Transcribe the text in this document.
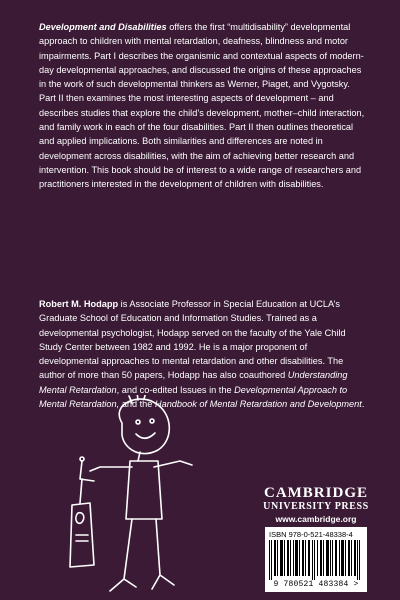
Development and Disabilities offers the first “multidisability” developmental approach to children with mental retardation, deafness, blindness and motor impairments. Part I describes the organismic and contextual aspects of modern-day developmental approaches, and discussed the origins of these approaches in the work of such developmental thinkers as Werner, Piaget, and Vygotsky. Part II then examines the most interesting aspects of development – and describes studies that explore the child’s development, mother–child interaction, and family work in each of the four disabilities. Part II then outlines theoretical and applied implications. Both similarities and differences are noted in development across disabilities, with the aim of achieving better research and intervention. This book should be of interest to a wide range of researchers and practitioners interested in the development of children with disabilities.

Robert M. Hodapp is Associate Professor in Special Education at UCLA’s Graduate School of Education and Information Studies. Trained as a developmental psychologist, Hodapp served on the faculty of the Yale Child Study Center between 1982 and 1992. He is a major proponent of developmental approaches to mental retardation and other disabilities. The author of more than 50 papers, Hodapp has also coauthored Understanding Mental Retardation, and co-edited Issues in the Developmental Approach to Mental Retardation, and the Handbook of Mental Retardation and Development.

CAMBRIDGE
UNIVERSITY PRESS
www.cambridge.org
ISBN 978-0-521-48338-4
9 780521 483384 >
